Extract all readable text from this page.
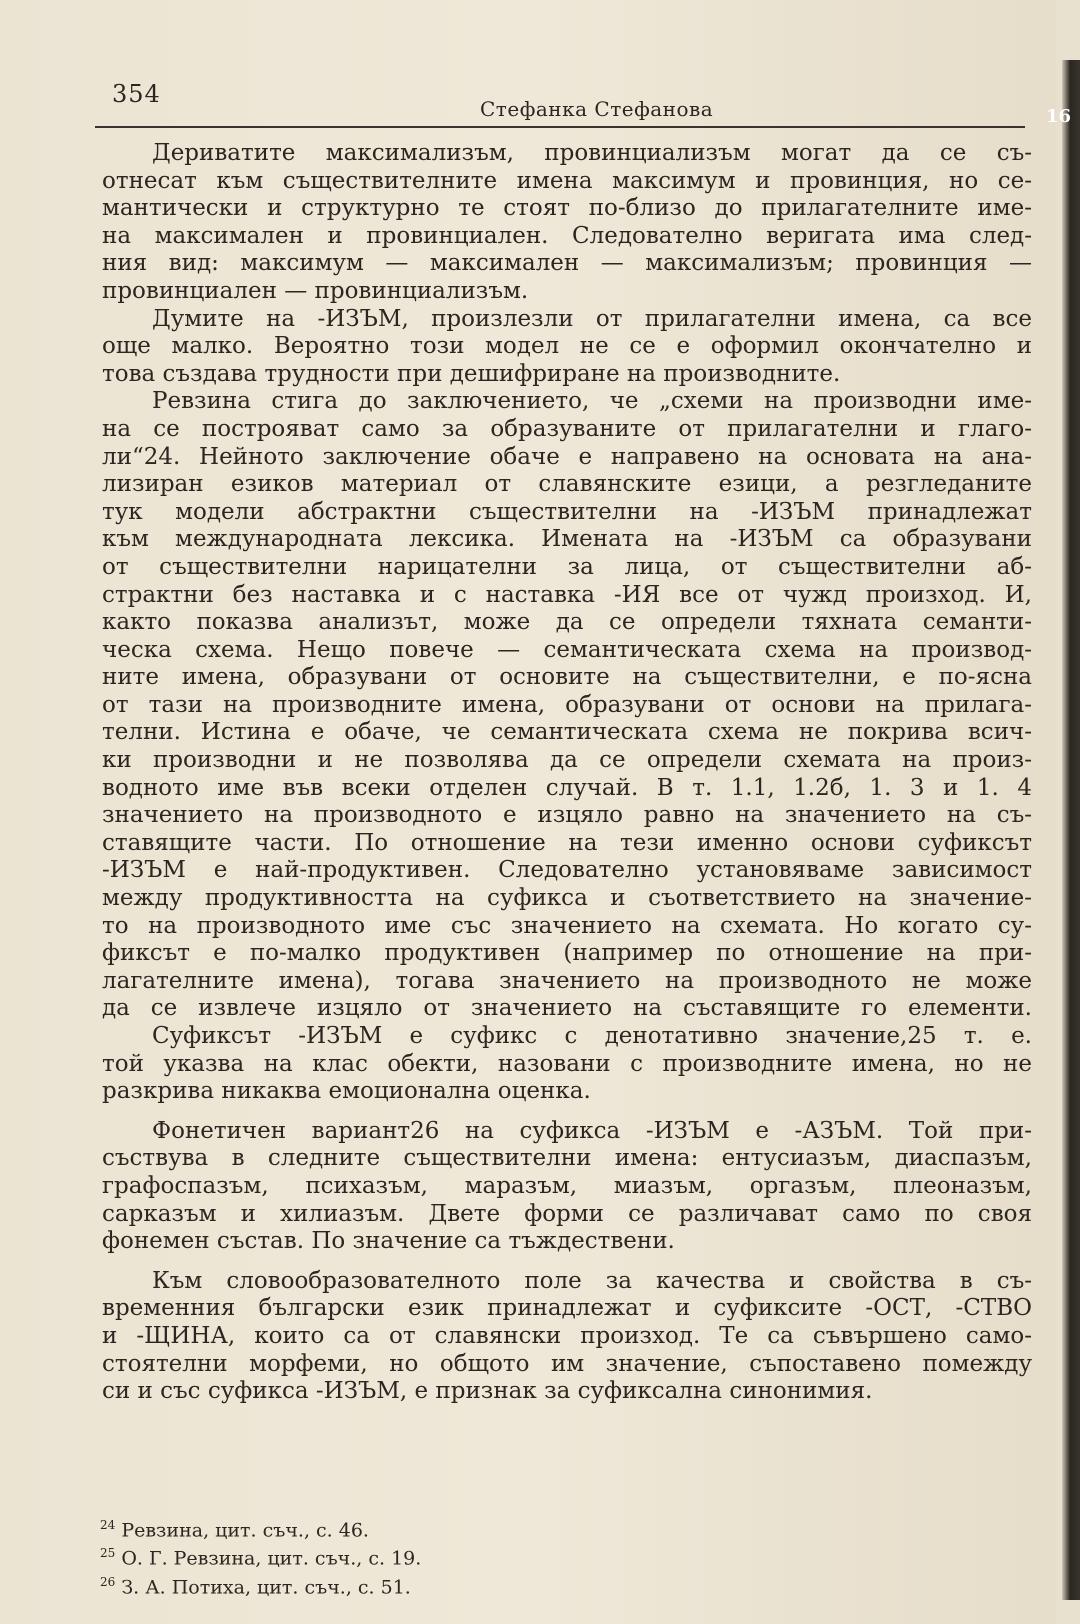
354
Стефанка Стефанова
Дериватите максимализъм, провинциализъм могат да се съ-
отнесат към съществителните имена максимум и провинция, но се-
мантически и структурно те стоят по-близо до прилагателните име-
на максимален и провинциален. Следователно веригата има след-
ния вид: максимум — максимален — максимализъм; провинция —
провинциален — провинциализъм.
Думите на -ИЗЪМ, произлезли от прилагателни имена, са все
още малко. Вероятно този модел не се е оформил окончателно и
това създава трудности при дешифриране на производните.
Ревзина стига до заключението, че „схеми на производни име-
на се построяват само за образуваните от прилагателни и глаго-
ли“24. Нейното заключение обаче е направено на основата на ана-
лизиран езиков материал от славянските езици, а резгледаните
тук модели абстрактни съществителни на -ИЗЪМ принадлежат
към международната лексика. Имената на -ИЗЪМ са образувани
от съществителни нарицателни за лица, от съществителни аб-
страктни без наставка и с наставка -ИЯ все от чужд произход. И,
както показва анализът, може да се определи тяхната семанти-
ческа схема. Нещо повече — семантическата схема на производ-
ните имена, образувани от основите на съществителни, е по-ясна
от тази на производните имена, образувани от основи на прилага-
телни. Истина е обаче, че семантическата схема не покрива всич-
ки производни и не позволява да се определи схемата на произ-
водното име във всеки отделен случай. В т. 1.1, 1.2б, 1. 3 и 1. 4
значението на производното е изцяло равно на значението на съ-
ставящите части. По отношение на тези именно основи суфиксът
-ИЗЪМ е най-продуктивен. Следователно установяваме зависимост
между продуктивността на суфикса и съответствието на значение-
то на производното име със значението на схемата. Но когато су-
фиксът е по-малко продуктивен (например по отношение на при-
лагателните имена), тогава значението на производното не може
да се извлече изцяло от значението на съставящите го елементи.
Суфиксът -ИЗЪМ е суфикс с денотативно значение,25 т. е.
той указва на клас обекти, назовани с производните имена, но не
разкрива никаква емоционална оценка.
Фонетичен вариант26 на суфикса -ИЗЪМ е -АЗЪМ. Той при-
съствува в следните съществителни имена: ентусиазъм, диаспазъм,
графоспазъм, психазъм, маразъм, миазъм, оргазъм, плеоназъм,
сарказъм и хилиазъм. Двете форми се различават само по своя
фонемен състав. По значение са тъждествени.
Към словообразователното поле за качества и свойства в съ-
временния български език принадлежат и суфиксите -ОСТ, -СТВО
и -ЩИНА, които са от славянски произход. Те са съвършено само-
стоятелни морфеми, но общото им значение, съпоставено помежду
си и със суфикса -ИЗЪМ, е признак за суфиксална синонимия.
$^{24}$ Ревзина, цит. съч., с. 46.
$^{25}$ О. Г. Ревзина, цит. съч., с. 19.
$^{26}$ З. А. Потиха, цит. съч., с. 51.
16
